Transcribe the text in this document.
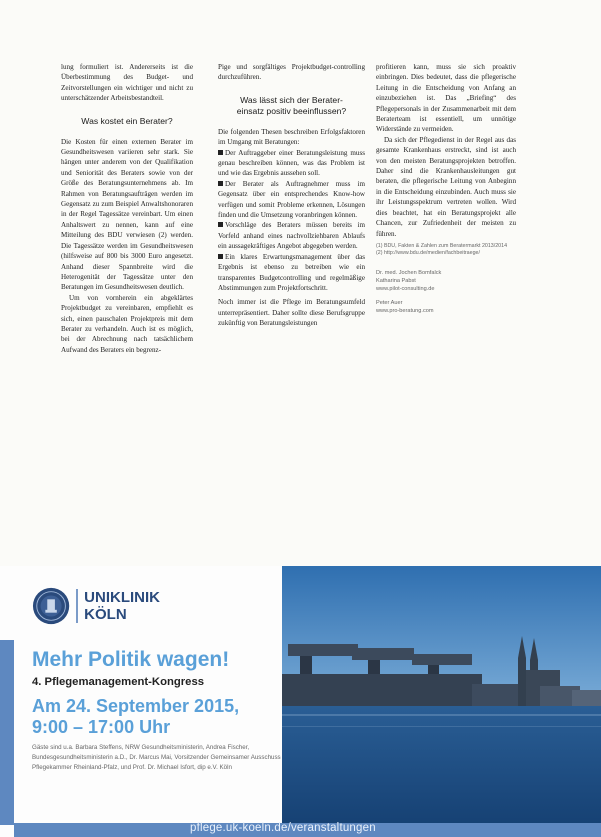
lung formuliert ist. Andererseits ist die Überbestimmung des Budget- und Zeitvorstellungen ein wichtiger und nicht zu unterschätzender Arbeitsbestandteil.

Was kostet ein Berater?

Die Kosten für einen externen Berater im Gesundheitswesen variieren sehr stark. Sie hängen unter anderem von der Qualifikation und Seniorität des Beraters sowie von der Größe des Beratungsunternehmens ab. Im Rahmen von Beratungsaufträgen werden im Gegensatz zu zum Beispiel Anwaltshonoraren in der Regel Tagessätze vereinbart. Um einen Anhaltswert zu nennen, kann auf eine Mitteilung des BDU verwiesen (2) werden. Die Tagessätze werden im Gesundheitswesen (hilfsweise auf 800 bis 3000 Euro angesetzt. Anhand dieser Spannbreite wird die Heterogenität der Tagessätze unter den Beratungen im Gesundheitswesen deutlich.

Um von vornherein ein abgeklärtes Projektbudget zu vereinbaren, empfiehlt es sich, einen pauschalen Projektpreis mit dem Berater zu verhandeln. Auch ist es möglich, bei der Abrechnung nach tatsächlichem Aufwand des Beraters ein begrenz-

Pige und sorgfältiges Projektbudget-controlling durchzuführen.

Was lässt sich der Berater-
einsatz positiv beeinflussen?

Die folgenden Thesen beschreiben Erfolgsfaktoren im Umgang mit Beratungen:

Der Auftraggeber einer Beratungsleistung muss genau beschreiben können, was das Problem ist und wie das Ergebnis aussehen soll.

Der Berater als Auftragnehmer muss im Gegensatz über ein entsprechendes Know-how verfügen und somit Probleme erkennen, Lösungen finden und die Umsetzung voranbringen können.

Vorschläge des Beraters müssen bereits im Vorfeld anhand eines nachvollziehbaren Ablaufs ein aussagekräftiges Angebot abgegeben werden.

Ein klares Erwartungsmanagement über das Ergebnis ist ebenso zu betreiben wie ein transparentes Budgetcontrolling und regelmäßige Abstimmungen zum Projektfortschritt.

Noch immer ist die Pflege im Beratungsumfeld unterrepräsentiert. Daher sollte diese Berufsgruppe zukünftig von Beratungsleistungen

profitieren kann, muss sie sich proaktiv einbringen. Dies bedeutet, dass die pflegerische Leitung in die Entscheidung von Anfang an einzubeziehen ist. Das „Briefing“ des Pflegepersonals in der Zusammenarbeit mit dem Beraterteam ist essentiell, um unnötige Widerstände zu vermeiden.

Da sich der Pflegedienst in der Regel aus das gesamte Krankenhaus erstreckt, sind ist auch von den meisten Beratungsprojekten betroffen. Daher sind die Krankenhausleitungen gut beraten, die pflegerische Leitung von Anbeginn in die Entscheidung einzubinden. Auch muss sie ihr Leistungsspektrum vertreten wollen. Wird dies beachtet, hat ein Beratungsprojekt alle Chancen, zur Zufriedenheit der meisten zu führen.

(1) BDU, Fakten & Zahlen zum Beratermarkt 2013/2014

(2) http://www.bdu.de/medien/fachbeitraege/

Dr. med. Jochen Bomfalck

Katharina Pabst

www.pilot-consulting.de

Peter Auer

www.pro-beratung.com

UNIKLINIK
KÖLN
Mehr Politik wagen!
4. Pflegemanagement-Kongress
Am 24. September 2015,
9:00 – 17:00 Uhr
Gäste sind u.a. Barbara Steffens, NRW Gesundheitsministerin, Andrea Fischer, Bundesgesundheitsministerin a.D., Dr. Marcus Mai, Vorsitzender Gemeinsamer Ausschuss Pflegekammer Rheinland-Pfalz, und Prof. Dr. Michael Isfort, dip e.V. Köln
pflege.uk-koeln.de/veranstaltungen
